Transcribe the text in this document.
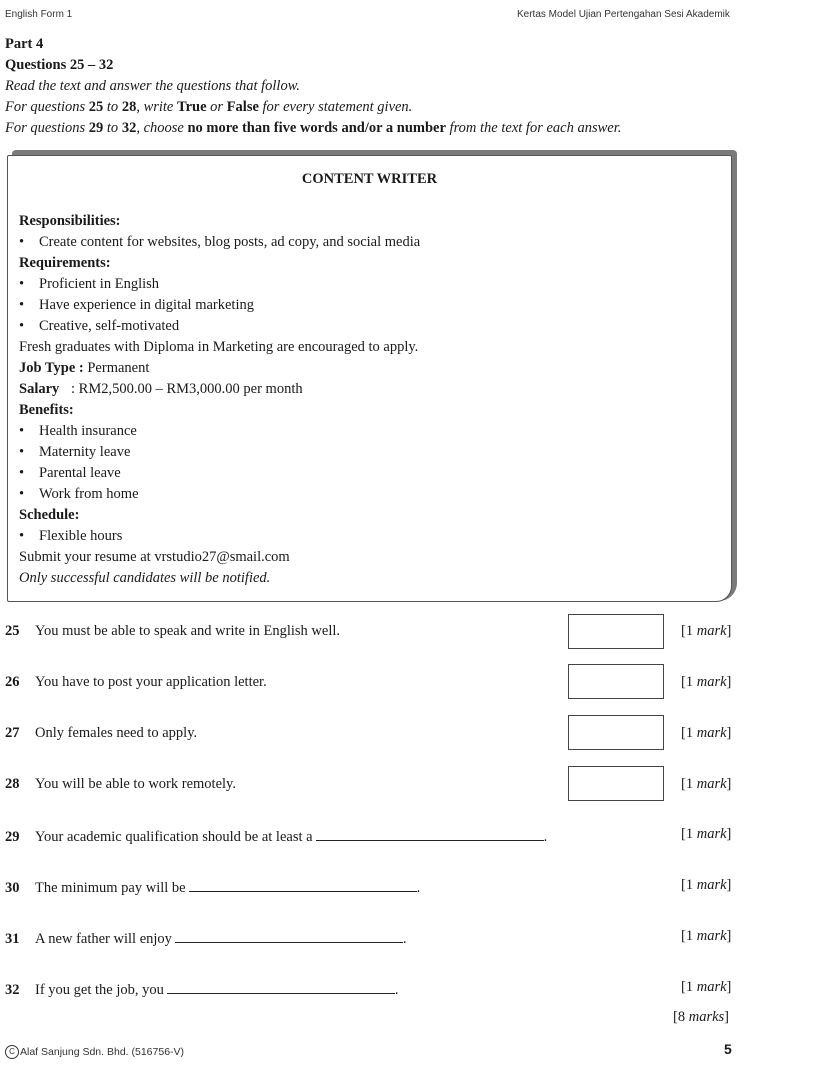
English Form 1	Kertas Model Ujian Pertengahan Sesi Akademik
Part 4
Questions 25 – 32
Read the text and answer the questions that follow.
For questions 25 to 28, write True or False for every statement given.
For questions 29 to 32, choose no more than five words and/or a number from the text for each answer.
CONTENT WRITER
Responsibilities:
• Create content for websites, blog posts, ad copy, and social media
Requirements:
• Proficient in English
• Have experience in digital marketing
• Creative, self-motivated
Fresh graduates with Diploma in Marketing are encouraged to apply.
Job Type : Permanent
Salary : RM2,500.00 – RM3,000.00 per month
Benefits:
• Health insurance
• Maternity leave
• Parental leave
• Work from home
Schedule:
• Flexible hours
Submit your resume at vrstudio27@smail.com
Only successful candidates will be notified.
25 You must be able to speak and write in English well.	[1 mark]
26 You have to post your application letter.	[1 mark]
27 Only females need to apply.	[1 mark]
28 You will be able to work remotely.	[1 mark]
29 Your academic qualification should be at least a	.	[1 mark]
30 The minimum pay will be	.	[1 mark]
31 A new father will enjoy	.	[1 mark]
32 If you get the job, you	.	[1 mark]
[8 marks]
C Alaf Sanjung Sdn. Bhd. (516756-V)	5
